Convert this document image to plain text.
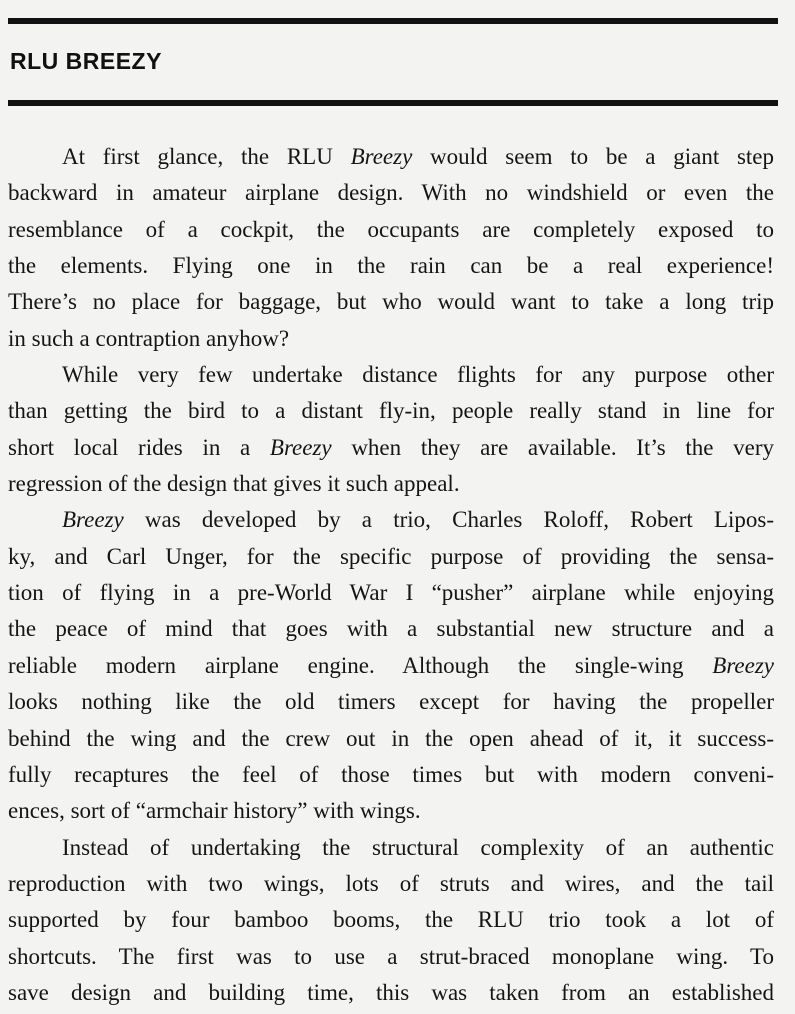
RLU BREEZY
At first glance, the RLU Breezy would seem to be a giant step
backward in amateur airplane design. With no windshield or even the
resemblance of a cockpit, the occupants are completely exposed to
the elements. Flying one in the rain can be a real experience!
There’s no place for baggage, but who would want to take a long trip
in such a contraption anyhow?
While very few undertake distance flights for any purpose other
than getting the bird to a distant fly-in, people really stand in line for
short local rides in a Breezy when they are available. It’s the very
regression of the design that gives it such appeal.
Breezy was developed by a trio, Charles Roloff, Robert Lipos-
ky, and Carl Unger, for the specific purpose of providing the sensa-
tion of flying in a pre-World War I “pusher” airplane while enjoying
the peace of mind that goes with a substantial new structure and a
reliable modern airplane engine. Although the single-wing Breezy
looks nothing like the old timers except for having the propeller
behind the wing and the crew out in the open ahead of it, it success-
fully recaptures the feel of those times but with modern conveni-
ences, sort of “armchair history” with wings.
Instead of undertaking the structural complexity of an authentic
reproduction with two wings, lots of struts and wires, and the tail
supported by four bamboo booms, the RLU trio took a lot of
shortcuts. The first was to use a strut-braced monoplane wing. To
save design and building time, this was taken from an established
